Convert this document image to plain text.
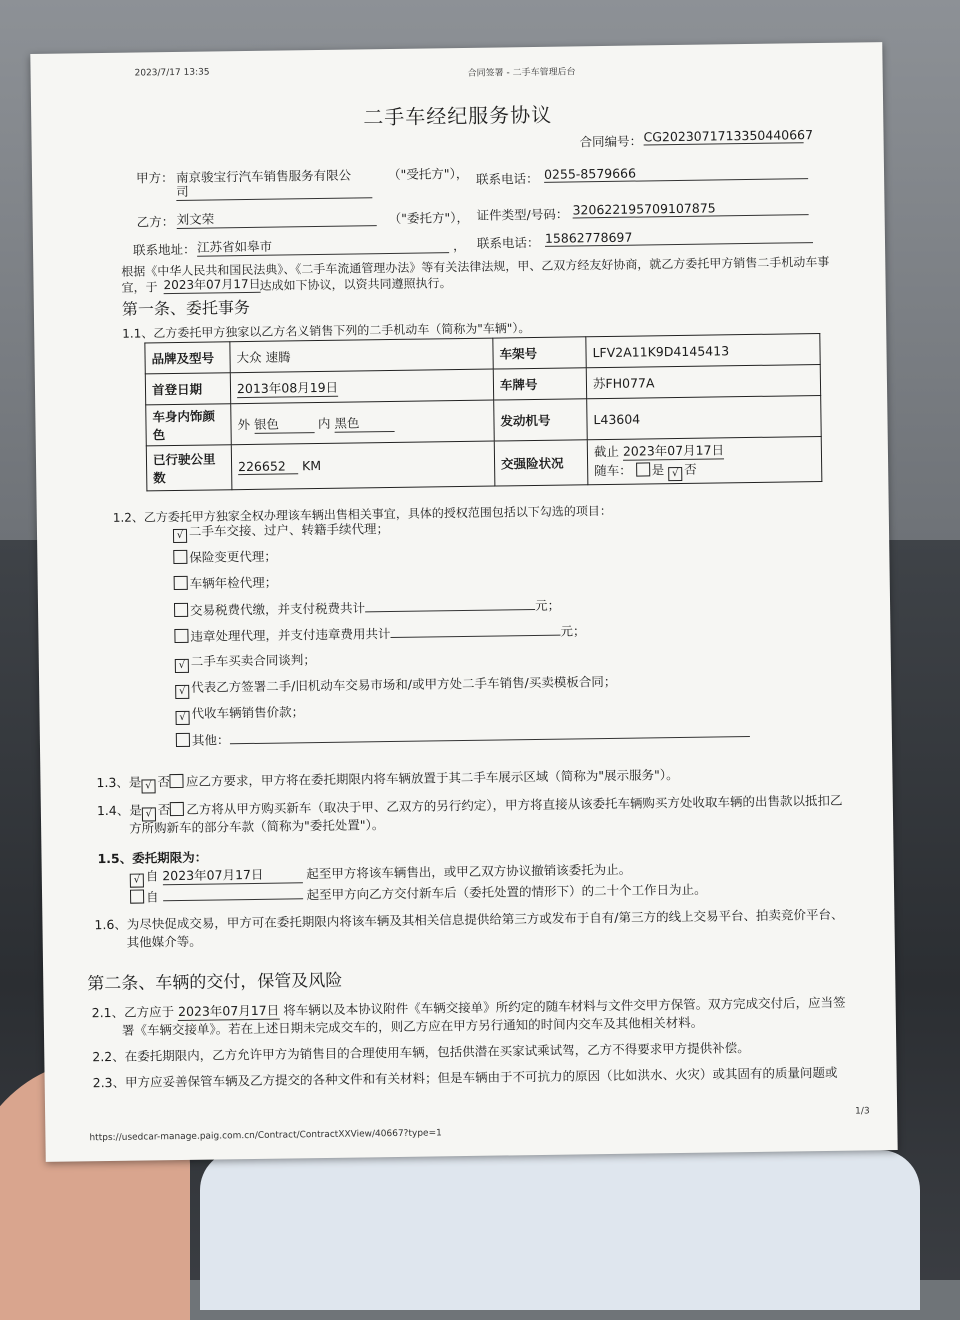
2023/7/17 13:35	合同签署 - 二手车管理后台
二手车经纪服务协议
合同编号： CG2023071713350440667
甲方： 南京骏宝行汽车销售服务有限公
司
（"受托方"）， 联系电话： 0255-8579666
乙方： 刘文荣	（"委托方"）， 证件类型/号码： 320622195709107875
联系地址： 江苏省如皋市	， 联系电话： 15862778697
根据《中华人民共和国民法典》、《二手车流通管理办法》等有关法律法规，甲、乙双方经友好协商，就乙方委托甲方销售二手机动车事
宜，于 2023年07月17日
达成如下协议，以资共同遵照执行。
第一条、委托事务
1.1、乙方委托甲方独家以乙方名义销售下列的二手机动车（简称为"车辆"）。
品牌及型号	大众 速腾	车架号	LFV2A11K9D4145413
首登日期	2013年08月19日	车牌号	苏FH077A
车身内饰颜色	外 银色 内 黑色	发动机号	L43604
已行驶公里数	226652 KM	交强险状况	截止 2023年07月17日
随车： 是 √ 否
1.2、乙方委托甲方独家全权办理该车辆出售相关事宜，具体的授权范围包括以下勾选的项目：
1.3、是 √ 否 应乙方要求，甲方将在委托期限内将车辆放置于其二手车展示区域（简称为"展示服务"）。
1.4、是 √ 否 乙方将从甲方购买新车（取决于甲、乙双方的另行约定），甲方将直接从该委托车辆购买方处收取车辆的出售款以抵扣乙
方所购新车的部分车款（简称为"委托处置"）。
1.5、委托期限为：
√ 自 2023年07月17日	起至甲方将该车辆售出，或甲乙双方协议撤销该委托为止。
自	起至甲方向乙方交付新车后（委托处置的情形下）的二十个工作日为止。
1.6、为尽快促成交易，甲方可在委托期限内将该车辆及其相关信息提供给第三方或发布于自有/第三方的线上交易平台、拍卖竞价平台、
其他媒介等。
第二条、车辆的交付，保管及风险
2.1、乙方应于 2023年07月17日 将车辆以及本协议附件《车辆交接单》所约定的随车材料与文件交甲方保管。双方完成交付后，应当签
署《车辆交接单》。若在上述日期未完成交车的，则乙方应在甲方另行通知的时间内交车及其他相关材料。
2.2、在委托期限内，乙方允许甲方为销售目的合理使用车辆，包括供潜在买家试乘试驾，乙方不得要求甲方提供补偿。
2.3、甲方应妥善保管车辆及乙方提交的各种文件和有关材料；但是车辆由于不可抗力的原因（比如洪水、火灾）或其固有的质量问题或
https://usedcar-manage.paig.com.cn/Contract/ContractXXView/40667?type=1
1/3
√ 二手车交接、过户、转籍手续代理；
保险变更代理；
车辆年检代理；
交易税费代缴，并支付税费共计	元；
违章处理代理，并支付违章费用共计	元；
√ 二手车买卖合同谈判；
√ 代表乙方签署二手/旧机动车交易市场和/或甲方处二手车销售/买卖模板合同；
√ 代收车辆销售价款；
其他：
